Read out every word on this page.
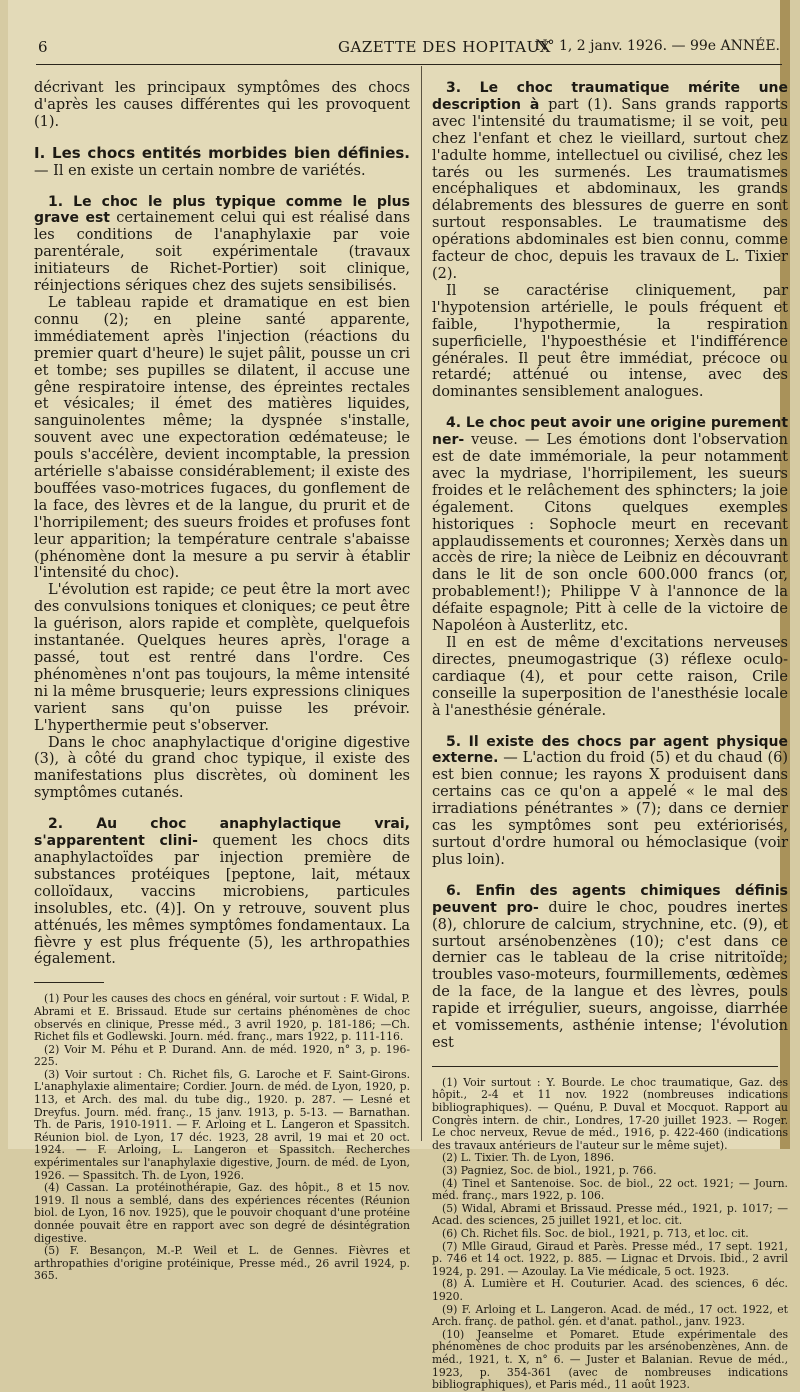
6	GAZETTE DES HOPITAUX
N° 1, 2 janv. 1926. — 99e ANNÉE.

décrivant les principaux symptômes des chocs d'après les causes différentes qui les provoquent (1).

I. Les chocs entités morbides bien définies. — Il en existe un certain nombre de variétés.

1. Le choc le plus typique comme le plus grave est certainement celui qui est réalisé dans les conditions de l'anaphylaxie par voie parentérale, soit expérimentale (travaux initiateurs de Richet-Portier) soit clinique, réinjections sériques chez des sujets sensibilisés.

Le tableau rapide et dramatique en est bien connu (2); en pleine santé apparente, immédiatement après l'injection (réactions du premier quart d'heure) le sujet pâlit, pousse un cri et tombe; ses pupilles se dilatent, il accuse une gêne respiratoire intense, des épreintes rectales et vésicales; il émet des matières liquides, sanguinolentes même; la dyspnée s'installe, souvent avec une expectoration œdémateuse; le pouls s'accélère, devient incomptable, la pression artérielle s'abaisse considérablement; il existe des bouffées vaso-motrices fugaces, du gonflement de la face, des lèvres et de la langue, du prurit et de l'horripilement; des sueurs froides et profuses font leur apparition; la température centrale s'abaisse (phénomène dont la mesure a pu servir à établir l'intensité du choc).

L'évolution est rapide; ce peut être la mort avec des convulsions toniques et cloniques; ce peut être la guérison, alors rapide et complète, quelquefois instantanée. Quelques heures après, l'orage a passé, tout est rentré dans l'ordre. Ces phénomènes n'ont pas toujours, la même intensité ni la même brusquerie; leurs expressions cliniques varient sans qu'on puisse les prévoir. L'hyperthermie peut s'observer.

Dans le choc anaphylactique d'origine digestive (3), à côté du grand choc typique, il existe des manifestations plus discrètes, où dominent les symptômes cutanés.

2. Au choc anaphylactique vrai, s'apparentent clini- quement les chocs dits anaphylactoïdes par injection première de substances protéiques [peptone, lait, métaux colloïdaux, vaccins microbiens, particules insolubles, etc. (4)]. On y retrouve, souvent plus atténués, les mêmes symptômes fondamentaux. La fièvre y est plus fréquente (5), les arthropathies également.

(1) Pour les causes des chocs en général, voir surtout : F. Widal, P. Abrami et E. Brissaud. Etude sur certains phénomènes de choc observés en clinique, Presse méd., 3 avril 1920, p. 181-186; —Ch. Richet fils et Godlewski. Journ. méd. franç., mars 1922, p. 111-116.

(2) Voir M. Péhu et P. Durand. Ann. de méd. 1920, n° 3, p. 196-225.

(3) Voir surtout : Ch. Richet fils, G. Laroche et F. Saint-Girons. L'anaphylaxie alimentaire; Cordier. Journ. de méd. de Lyon, 1920, p. 113, et Arch. des mal. du tube dig., 1920. p. 287. — Lesné et Dreyfus. Journ. méd. franç., 15 janv. 1913, p. 5-13. — Barnathan. Th. de Paris, 1910-1911. — F. Arloing et L. Langeron et Spassitch. Réunion biol. de Lyon, 17 déc. 1923, 28 avril, 19 mai et 20 oct. 1924. — F. Arloing, L. Langeron et Spassitch. Recherches expérimentales sur l'anaphylaxie digestive, Journ. de méd. de Lyon, 1926. — Spassitch. Th. de Lyon, 1926.

(4) Cassan. La protéinothérapie, Gaz. des hôpit., 8 et 15 nov. 1919. Il nous a semblé, dans des expériences récentes (Réunion biol. de Lyon, 16 nov. 1925), que le pouvoir choquant d'une protéine donnée pouvait être en rapport avec son degré de désintégration digestive.

(5) F. Besançon, M.-P. Weil et L. de Gennes. Fièvres et arthropathies d'origine protéinique, Presse méd., 26 avril 1924, p. 365.

3. Le choc traumatique mérite une description à part (1). Sans grands rapports avec l'intensité du traumatisme; il se voit, peu chez l'enfant et chez le vieillard, surtout chez l'adulte homme, intellectuel ou civilisé, chez les tarés ou les surmenés. Les traumatismes encéphaliques et abdominaux, les grands délabrements des blessures de guerre en sont surtout responsables. Le traumatisme des opérations abdominales est bien connu, comme facteur de choc, depuis les travaux de L. Tixier (2).

Il se caractérise cliniquement, par l'hypotension artérielle, le pouls fréquent et faible, l'hypothermie, la respiration superficielle, l'hypoesthésie et l'indifférence générales. Il peut être immédiat, précoce ou retardé; atténué ou intense, avec des dominantes sensiblement analogues.

4. Le choc peut avoir une origine purement ner- veuse. — Les émotions dont l'observation est de date immémoriale, la peur notamment avec la mydriase, l'horripilement, les sueurs froides et le relâchement des sphincters; la joie également. Citons quelques exemples historiques : Sophocle meurt en recevant applaudissements et couronnes; Xerxès dans un accès de rire; la nièce de Leibniz en découvrant dans le lit de son oncle 600.000 francs (or, probablement!); Philippe V à l'annonce de la défaite espagnole; Pitt à celle de la victoire de Napoléon à Austerlitz, etc.

Il en est de même d'excitations nerveuses directes, pneumogastrique (3) réflexe oculo-cardiaque (4), et pour cette raison, Crile conseille la superposition de l'anesthésie locale à l'anesthésie générale.

5. Il existe des chocs par agent physique externe. — L'action du froid (5) et du chaud (6) est bien connue; les rayons X produisent dans certains cas ce qu'on a appelé « le mal des irradiations pénétrantes » (7); dans ce dernier cas les symptômes sont peu extériorisés, surtout d'ordre humoral ou hémoclasique (voir plus loin).

6. Enfin des agents chimiques définis peuvent pro- duire le choc, poudres inertes (8), chlorure de calcium, strychnine, etc. (9), et surtout arsénobenzènes (10); c'est dans ce dernier cas le tableau de la crise nitritoïde; troubles vaso-moteurs, fourmillements, œdèmes de la face, de la langue et des lèvres, pouls rapide et irrégulier, sueurs, angoisse, diarrhée et vomissements, asthénie intense; l'évolution est

(1) Voir surtout : Y. Bourde. Le choc traumatique, Gaz. des hôpit., 2-4 et 11 nov. 1922 (nombreuses indications bibliographiques). — Quénu, P. Duval et Mocquot. Rapport au Congrès intern. de chir., Londres, 17-20 juillet 1923. — Roger. Le choc nerveux, Revue de méd., 1916, p. 422-460 (indications des travaux antérieurs de l'auteur sur le même sujet).

(2) L. Tixier. Th. de Lyon, 1896.

(3) Pagniez, Soc. de biol., 1921, p. 766.

(4) Tinel et Santenoise. Soc. de biol., 22 oct. 1921; — Journ. méd. franç., mars 1922, p. 106.

(5) Widal, Abrami et Brissaud. Presse méd., 1921, p. 1017; — Acad. des sciences, 25 juillet 1921, et loc. cit.

(6) Ch. Richet fils. Soc. de biol., 1921, p. 713, et loc. cit.

(7) Mlle Giraud, Giraud et Parès. Presse méd., 17 sept. 1921, p. 746 et 14 oct. 1922, p. 885. — Lignac et Drvois. Ibid., 2 avril 1924, p. 291. — Azoulay. La Vie médicale, 5 oct. 1923.

(8) A. Lumière et H. Couturier. Acad. des sciences, 6 déc. 1920.

(9) F. Arloing et L. Langeron. Acad. de méd., 17 oct. 1922, et Arch. franç. de pathol. gén. et d'anat. pathol., janv. 1923.

(10) Jeanselme et Pomaret. Etude expérimentale des phénomènes de choc produits par les arsénobenzènes, Ann. de méd., 1921, t. X, n° 6. — Juster et Balanian. Revue de méd., 1923, p. 354-361 (avec de nombreuses indications bibliographiques), et Paris méd., 11 août 1923.
